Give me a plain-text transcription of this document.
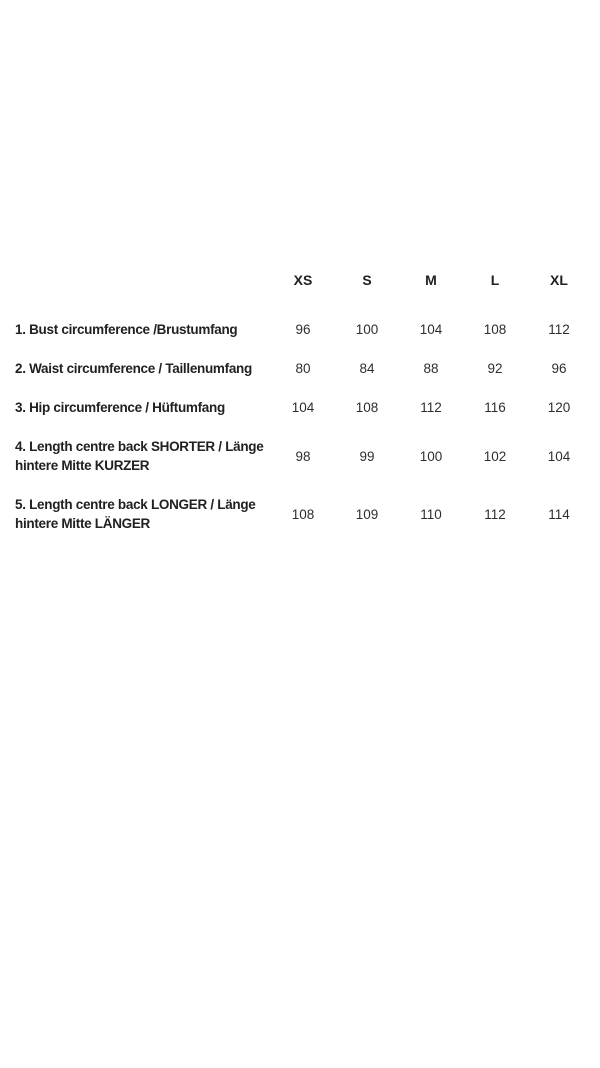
	XS	S	M	L	XL

1. Bust circumference /Brustumfang	96	100	104	108	112

2. Waist circumference / Taillenumfang	80	84	88	92	96

3. Hip circumference / Hüftumfang	104	108	112	116	120

4. Length centre back SHORTER / Länge
hintere Mitte KURZER	98	99	100	102	104

5. Length centre back LONGER / Länge
hintere Mitte LÄNGER	108	109	110	112	114
